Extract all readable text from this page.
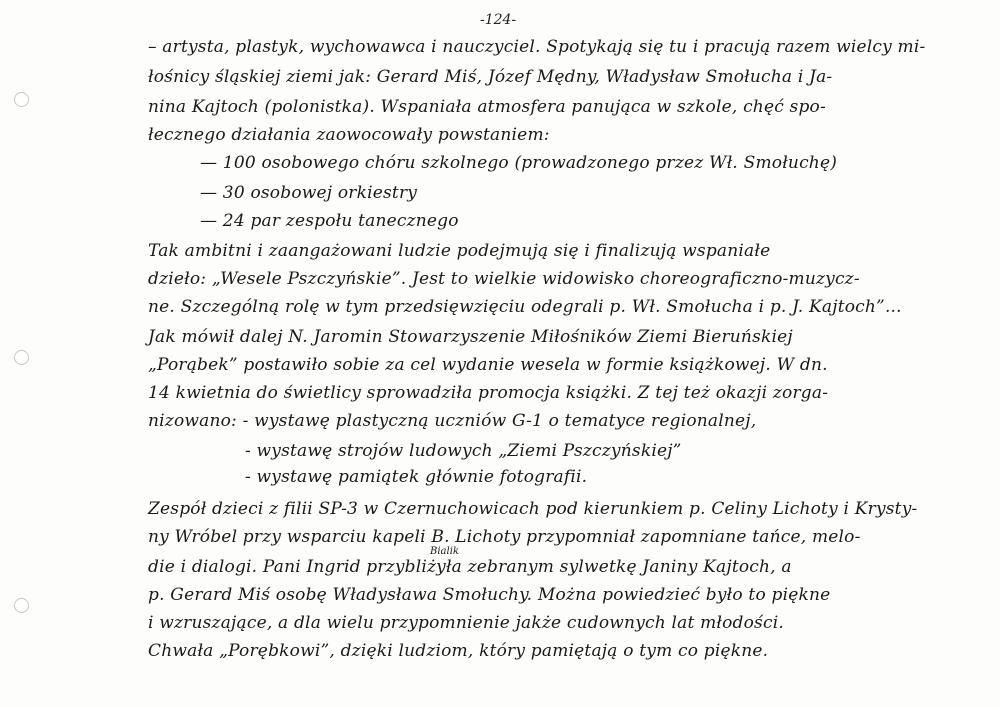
-124-
– artysta, plastyk, wychowawca i nauczyciel. Spotykają się tu i pracują razem wielcy mi-
łośnicy śląskiej ziemi jak: Gerard Miś, Józef Mędny, Władysław Smołucha i Ja-
nina Kajtoch (polonistka). Wspaniała atmosfera panująca w szkole, chęć spo-
łecznego działania zaowocowały powstaniem:
— 100 osobowego chóru szkolnego (prowadzonego przez Wł. Smołuchę)
— 30 osobowej orkiestry
— 24 par zespołu tanecznego
Tak ambitni i zaangażowani ludzie podejmują się i finalizują wspaniałe
dzieło: „Wesele Pszczyńskie”. Jest to wielkie widowisko choreograficzno-muzycz-
ne. Szczególną rolę w tym przedsięwzięciu odegrali p. Wł. Smołucha i p. J. Kajtoch”...
Jak mówił dalej N. Jaromin Stowarzyszenie Miłośników Ziemi Bieruńskiej
„Porąbek” postawiło sobie za cel wydanie wesela w formie książkowej. W dn.
14 kwietnia do świetlicy sprowadziła promocja książki. Z tej też okazji zorga-
nizowano: - wystawę plastyczną uczniów G-1 o tematyce regionalnej,
- wystawę strojów ludowych „Ziemi Pszczyńskiej”
- wystawę pamiątek głównie fotografii.
Zespół dzieci z filii SP-3 w Czernuchowicach pod kierunkiem p. Celiny Lichoty i Krysty-
ny Wróbel przy wsparciu kapeli B. Lichoty przypomniał zapomniane tańce, melo-
die i dialogi. Pani Ingrid przybliżyła zebranym sylwetkę Janiny Kajtoch, a
p. Gerard Miś osobę Władysława Smołuchy. Można powiedzieć było to piękne
i wzruszające, a dla wielu przypomnienie jakże cudownych lat młodości.
Chwała „Porębkowi”, dzięki ludziom, który pamiętają o tym co piękne.
Bialik
